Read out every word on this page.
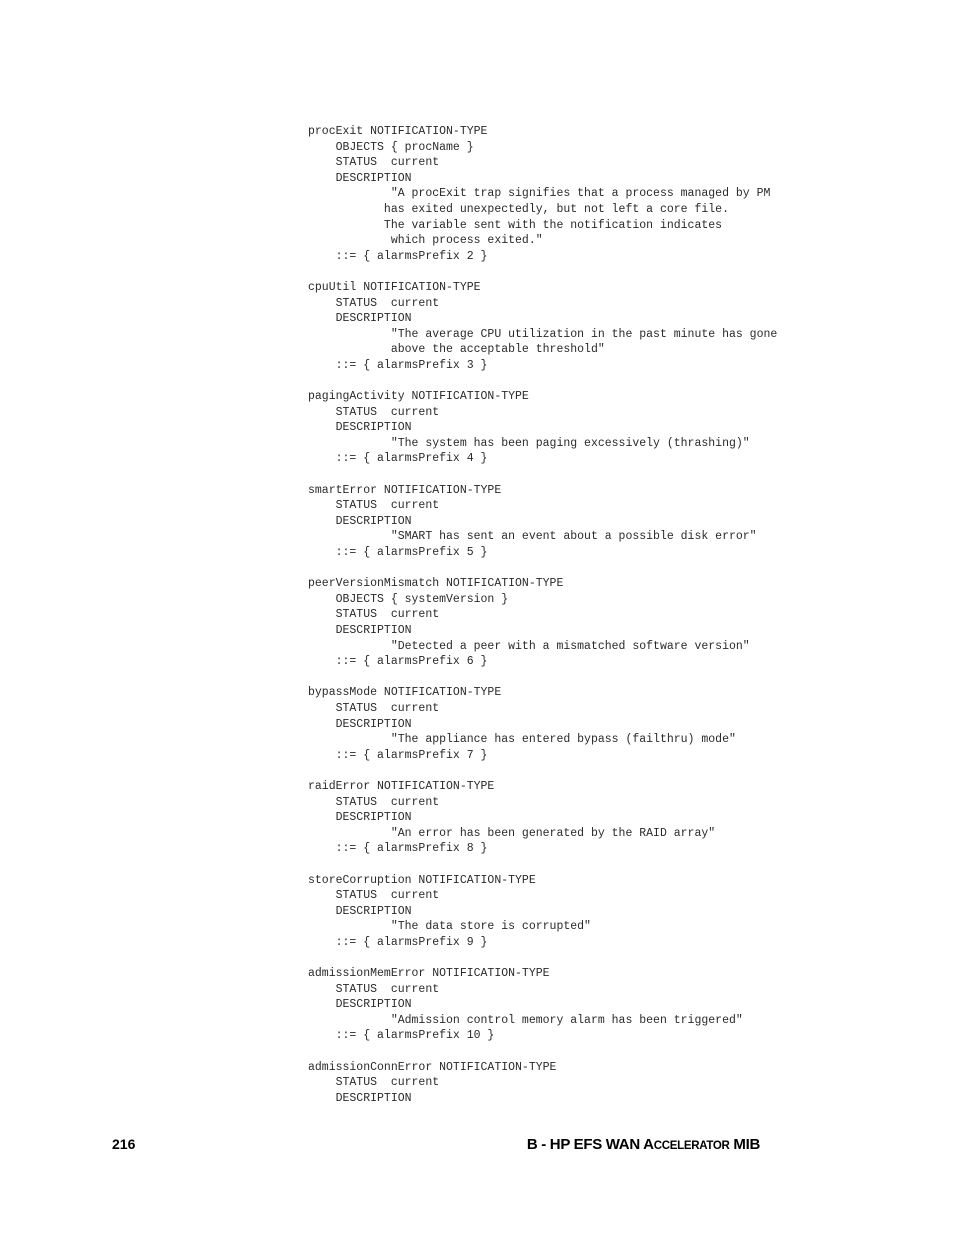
procExit NOTIFICATION-TYPE
OBJECTS { procName }
STATUS  current
DESCRIPTION
"A procExit trap signifies that a process managed by PM
has exited unexpectedly, but not left a core file.
The variable sent with the notification indicates
which process exited."
::= { alarmsPrefix 2 }
cpuUtil NOTIFICATION-TYPE
STATUS  current
DESCRIPTION
"The average CPU utilization in the past minute has gone
above the acceptable threshold"
::= { alarmsPrefix 3 }
pagingActivity NOTIFICATION-TYPE
STATUS  current
DESCRIPTION
"The system has been paging excessively (thrashing)"
::= { alarmsPrefix 4 }
smartError NOTIFICATION-TYPE
STATUS  current
DESCRIPTION
"SMART has sent an event about a possible disk error"
::= { alarmsPrefix 5 }
peerVersionMismatch NOTIFICATION-TYPE
OBJECTS { systemVersion }
STATUS  current
DESCRIPTION
"Detected a peer with a mismatched software version"
::= { alarmsPrefix 6 }
bypassMode NOTIFICATION-TYPE
STATUS  current
DESCRIPTION
"The appliance has entered bypass (failthru) mode"
::= { alarmsPrefix 7 }
raidError NOTIFICATION-TYPE
STATUS  current
DESCRIPTION
"An error has been generated by the RAID array"
::= { alarmsPrefix 8 }
storeCorruption NOTIFICATION-TYPE
STATUS  current
DESCRIPTION
"The data store is corrupted"
::= { alarmsPrefix 9 }
admissionMemError NOTIFICATION-TYPE
STATUS  current
DESCRIPTION
"Admission control memory alarm has been triggered"
::= { alarmsPrefix 10 }
admissionConnError NOTIFICATION-TYPE
STATUS  current
DESCRIPTION
216	B - HP EFS WAN ACCELERATOR MIB
